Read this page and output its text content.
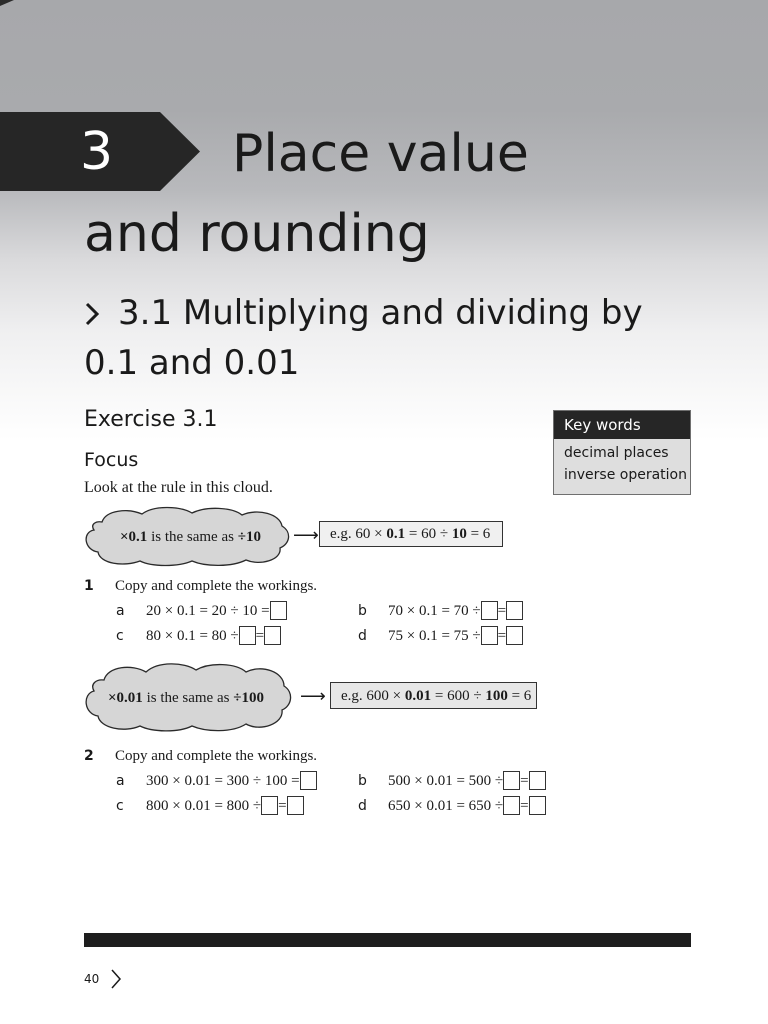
3 Place value
and rounding
3.1 Multiplying and dividing by
0.1 and 0.01
Exercise 3.1
Focus
Look at the rule in this cloud.
Key words
decimal places
inverse operation
×0.1 is the same as ÷10 ⟶ e.g. 60 × 0.1 = 60 ÷ 10 = 6
1 Copy and complete the workings.
a 20 × 0.1 = 20 ÷ 10 =	b 70 × 0.1 = 70 ÷ =
c 80 × 0.1 = 80 ÷ =	d 75 × 0.1 = 75 ÷ =
×0.01 is the same as ÷100 ⟶	e.g. 600 × 0.01 = 600 ÷ 100 = 6
2 Copy and complete the workings.
a 300 × 0.01 = 300 ÷ 100 =	b 500 × 0.01 = 500 ÷ =
c 800 × 0.01 = 800 ÷ =	d 650 × 0.01 = 650 ÷ =
40
